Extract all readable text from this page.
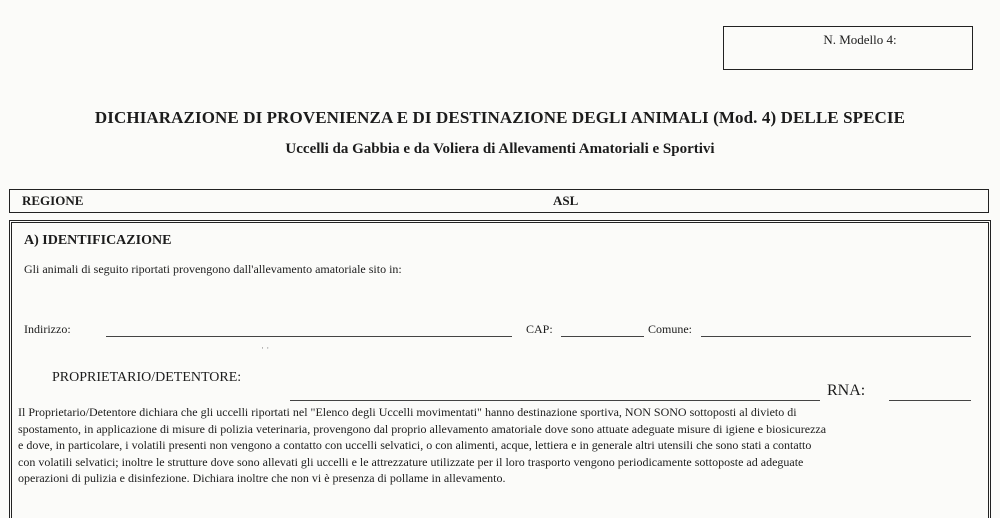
N. Modello 4:
DICHIARAZIONE DI PROVENIENZA E DI DESTINAZIONE DEGLI ANIMALI (Mod. 4) DELLE SPECIE
Uccelli da Gabbia e da Voliera di Allevamenti Amatoriali e Sportivi
REGIONE	ASL
A) IDENTIFICAZIONE
Gli animali di seguito riportati provengono dall'allevamento amatoriale sito in:
Indirizzo:	CAP:	Comune:
· ·
PROPRIETARIO/DETENTORE:
RNA:
Il Proprietario/Detentore dichiara che gli uccelli riportati nel "Elenco degli Uccelli movimentati" hanno destinazione sportiva, NON SONO sottoposti al divieto di
spostamento, in applicazione di misure di polizia veterinaria, provengono dal proprio allevamento amatoriale dove sono attuate adeguate misure di igiene e biosicurezza
e dove, in particolare, i volatili presenti non vengono a contatto con uccelli selvatici, o con alimenti, acque, lettiera e in generale altri utensili che sono stati a contatto
con volatili selvatici; inoltre le strutture dove sono allevati gli uccelli e le attrezzature utilizzate per il loro trasporto vengono periodicamente sottoposte ad adeguate
operazioni di pulizia e disinfezione. Dichiara inoltre che non vi è presenza di pollame in allevamento.
